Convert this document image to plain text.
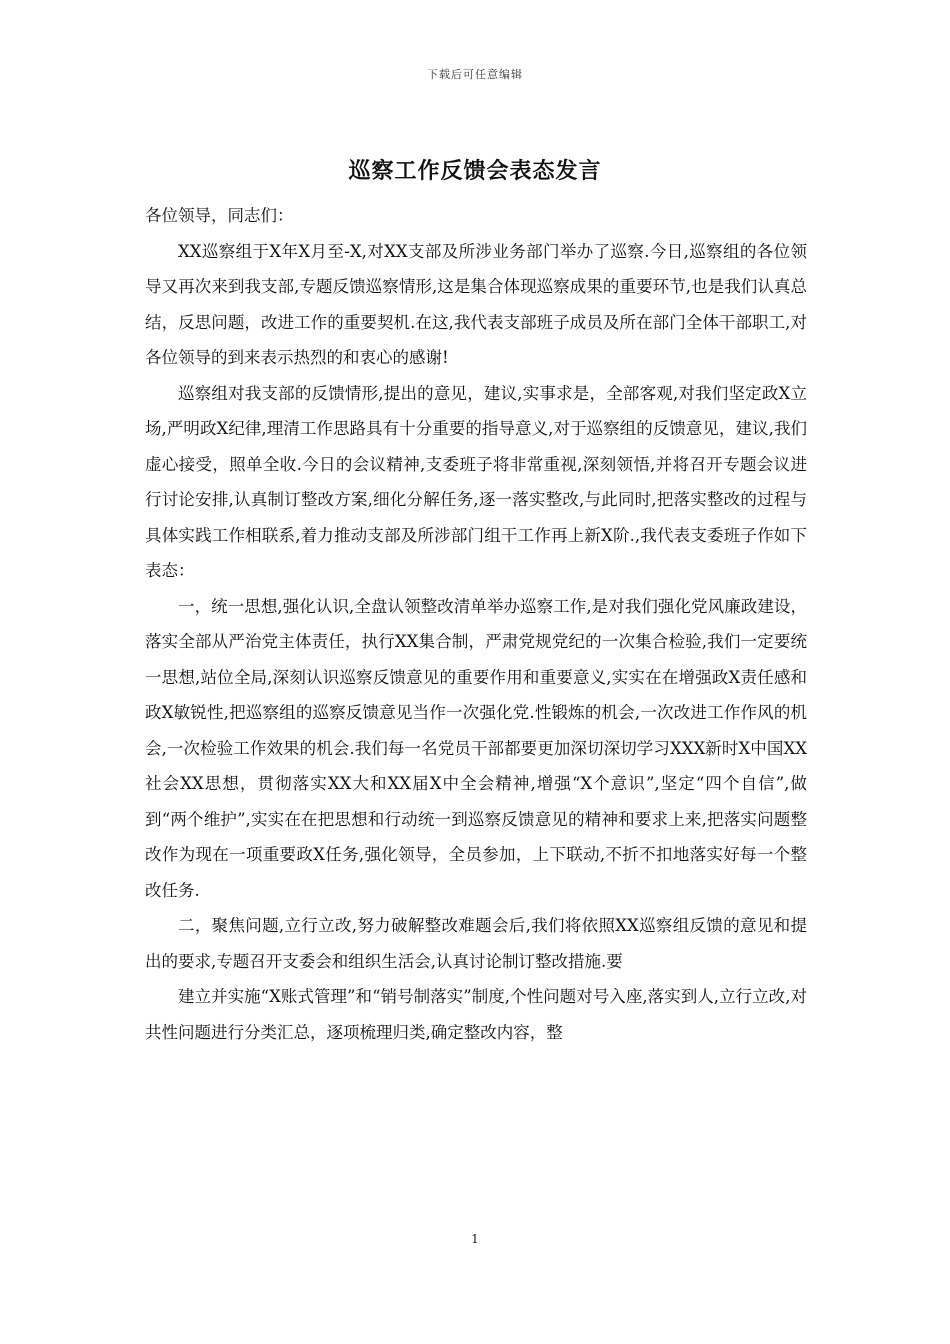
下载后可任意编辑
巡察工作反馈会表态发言

各位领导，同志们：

XX巡察组于X年X月至-X,对XX支部及所涉业务部门举办了巡察.今日,巡察组的各位领导又再次来到我支部,专题反馈巡察情形,这是集合体现巡察成果的重要环节,也是我们认真总结，反思问题，改进工作的重要契机.在这,我代表支部班子成员及所在部门全体干部职工,对各位领导的到来表示热烈的和衷心的感谢!

巡察组对我支部的反馈情形,提出的意见，建议,实事求是，全部客观,对我们坚定政X立场,严明政X纪律,理清工作思路具有十分重要的指导意义,对于巡察组的反馈意见，建议,我们虚心接受，照单全收.今日的会议精神,支委班子将非常重视,深刻领悟,并将召开专题会议进行讨论安排,认真制订整改方案,细化分解任务,逐一落实整改,与此同时,把落实整改的过程与具体实践工作相联系,着力推动支部及所涉部门组干工作再上新X阶.,我代表支委班子作如下表态：

一，统一思想,强化认识,全盘认领整改清单举办巡察工作,是对我们强化党风廉政建设，落实全部从严治党主体责任，执行XX集合制，严肃党规党纪的一次集合检验,我们一定要统一思想,站位全局,深刻认识巡察反馈意见的重要作用和重要意义,实实在在增强政X责任感和政X敏锐性,把巡察组的巡察反馈意见当作一次强化党.性锻炼的机会,一次改进工作作风的机会,一次检验工作效果的机会.我们每一名党员干部都要更加深切深切学习XXX新时X中国XX社会XX思想，贯彻落实XX大和XX届X中全会精神,增强“X个意识”,坚定“四个自信”,做到“两个维护”,实实在在把思想和行动统一到巡察反馈意见的精神和要求上来,把落实问题整改作为现在一项重要政X任务,强化领导，全员参加，上下联动,不折不扣地落实好每一个整改任务.

二，聚焦问题,立行立改,努力破解整改难题会后,我们将依照XX巡察组反馈的意见和提出的要求,专题召开支委会和组织生活会,认真讨论制订整改措施.要

建立并实施“X账式管理”和“销号制落实”制度,个性问题对号入座,落实到人,立行立改,对共性问题进行分类汇总，逐项梳理归类,确定整改内容，整

1
